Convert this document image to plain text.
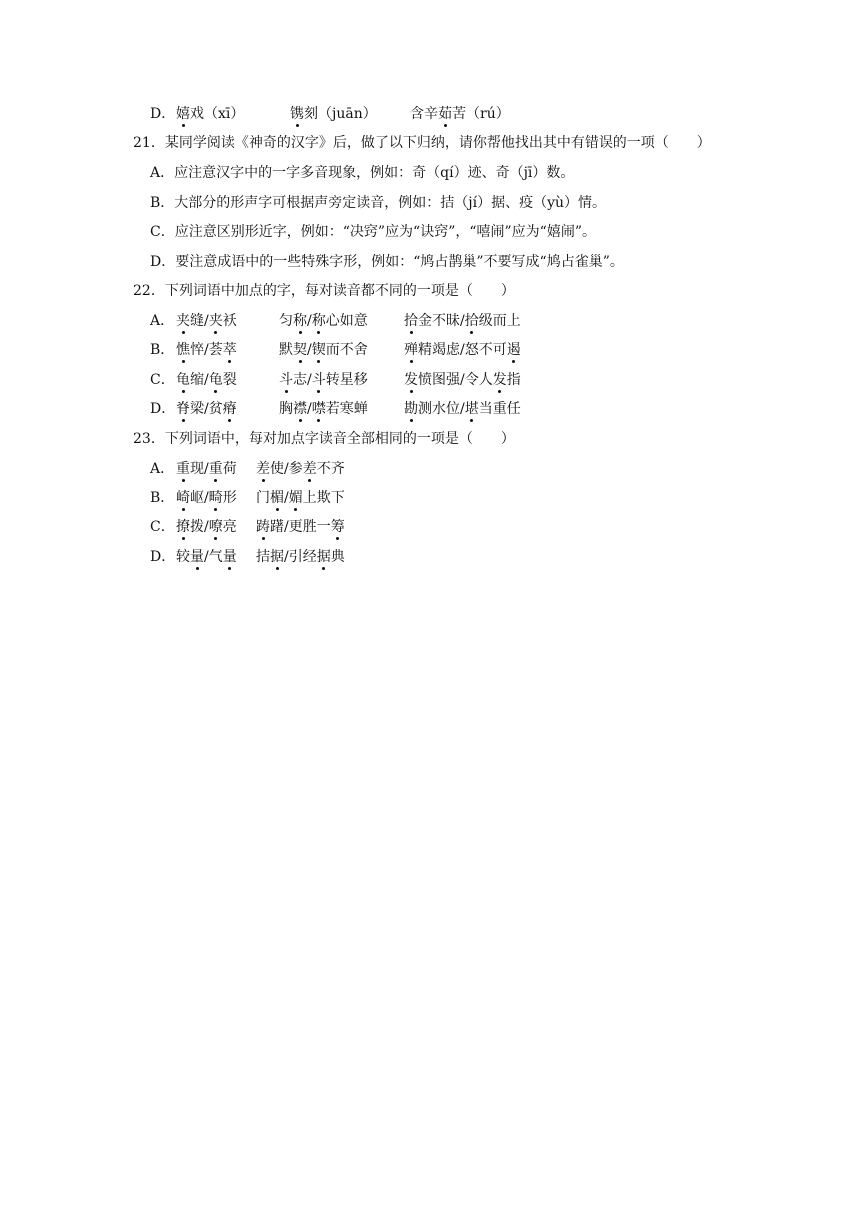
D． 嬉戏（xī）	镌刻（juān） 含辛茹苦（rú）
21．某同学阅读《神奇的汉字》后，做了以下归纳，请你帮他找出其中有错误的一项（　　）
A．应注意汉字中的一字多音现象，例如：奇（qí）迹、奇（jī）数。
B．大部分的形声字可根据声旁定读音，例如：拮（jí）据、疫（yù）情。
C．应注意区别形近字，例如：“决窍”应为“诀窍”，“嘻闹”应为“嬉闹”。
D．要注意成语中的一些特殊字形，例如：“鸠占鹊巢”不要写成“鸠占雀巢”。
22．下列词语中加点的字，每对读音都不同的一项是（　　）
A． 夹缝/夹袄	匀称/称心如意	拾金不昧/拾级而上
B． 憔悴/荟萃	默契/锲而不舍	殚精竭虑/怒不可遏
C． 龟缩/龟裂	斗志/斗转星移	发愤图强/令人发指
D． 脊梁/贫瘠	胸襟/噤若寒蝉	勘测水位/堪当重任
23．下列词语中，每对加点字读音全部相同的一项是（　　）
A． 重现/重荷 差使/参差不齐
B． 崎岖/畸形 门楣/媚上欺下
C． 撩拨/嘹亮 踌躇/更胜一筹
D． 较量/气量 拮据/引经据典
